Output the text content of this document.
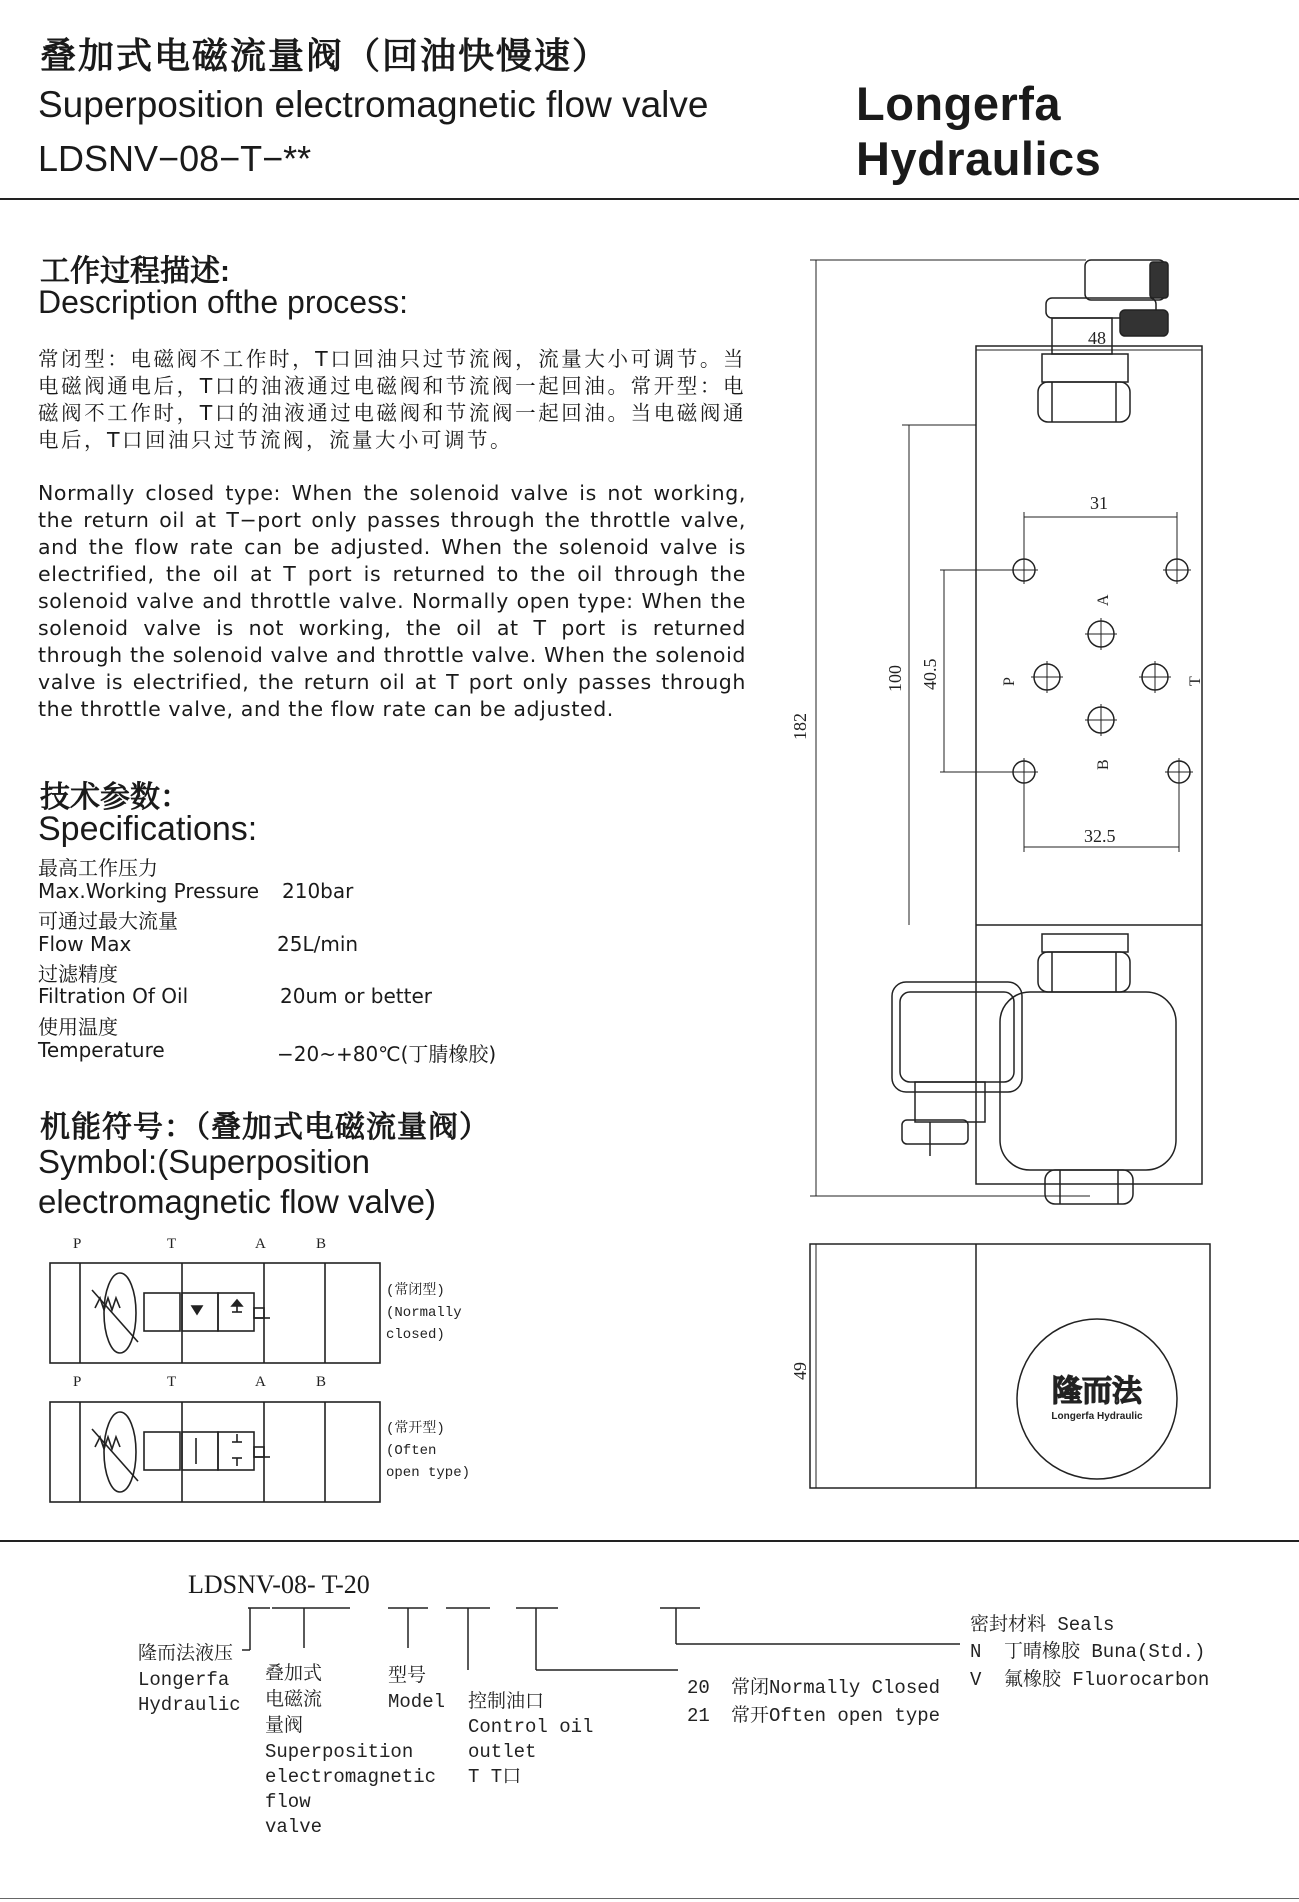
叠加式电磁流量阀（回油快慢速）
Superposition electromagnetic flow valve
LDSNV−08−T−**
Longerfa Hydraulics
工作过程描述:
Description ofthe process:
常闭型：电磁阀不工作时，T口回油只过节流阀，流量大小可调节。当电磁阀通电后，T口的油液通过电磁阀和节流阀一起回油。常开型：电磁阀不工作时，T口的油液通过电磁阀和节流阀一起回油。当电磁阀通电后，T口回油只过节流阀，流量大小可调节。
Normally closed type: When the solenoid valve is not working, the return oil at T−port only passes through the throttle valve, and the flow rate can be adjusted. When the solenoid valve is electrified, the oil at T port is returned to the oil through the solenoid valve and throttle valve. Normally open type: When the solenoid valve is not working, the oil at T port is returned through the solenoid valve and throttle valve. When the solenoid valve is electrified, the return oil at T port only passes through the throttle valve, and the flow rate can be adjusted.
技术参数：
Specifications:
最高工作压力
Max.Working Pressure 210bar
可通过最大流量
Flow Max	25L/min
过滤精度
Filtration Of Oil	20um or better
使用温度
Temperature	−20~+80℃(丁腈橡胶)
机能符号：（叠加式电磁流量阀）
Symbol:(Superposition electromagnetic flow valve)
P	T	A	B
P	T	A	B
(常闭型)
(Normally
closed)
(常开型)
(Often
open type)
48
31
32.5
182
100 40.5
49
A
B
P	T
隆而法
Longerfa Hydraulic
LDSNV-08- T-20
隆而法液压
Longerfa
Hydraulic
叠加式
电磁流
量阀
Superposition
electromagnetic
flow
valve
型号
Model 控制油口
Control oil
outlet
T T口
20 常闭Normally Closed
21 常开Often open type
密封材料 Seals
N 丁晴橡胶 Buna(Std.)
V 氟橡胶 Fluorocarbon
